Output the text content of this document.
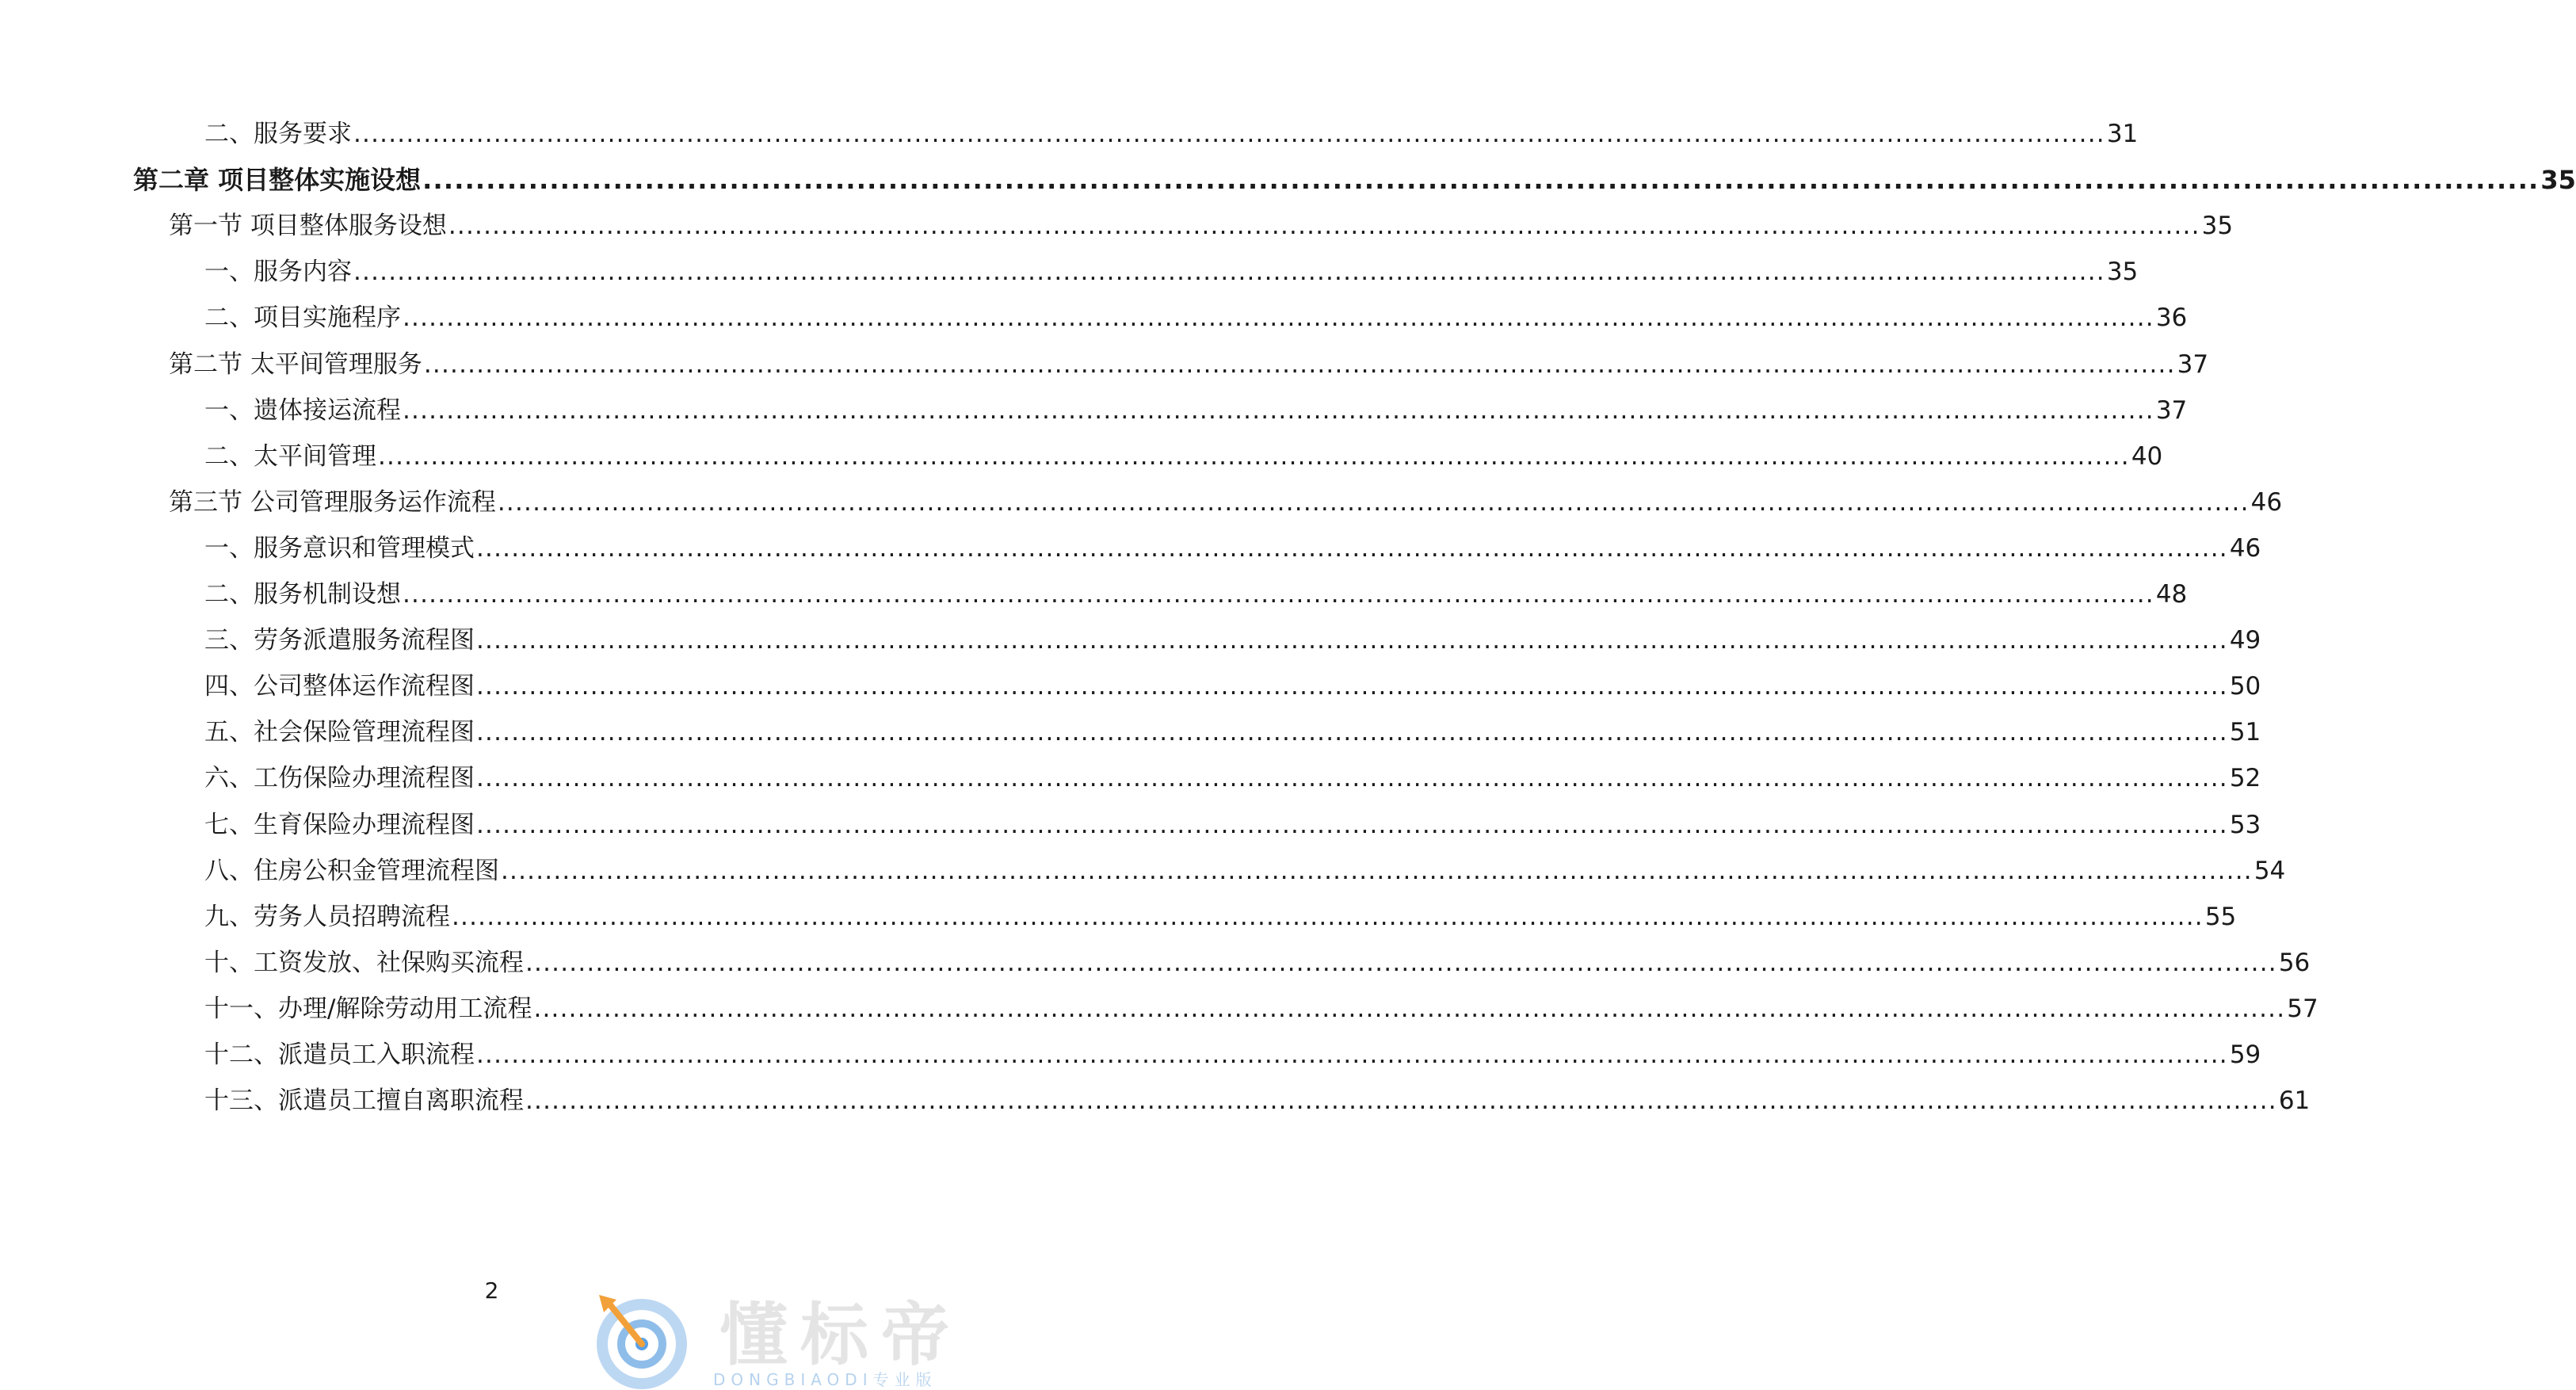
二、服务要求 ........................................................................................................................................................................................................ 31
第二章 项目整体实施设想 ........................................................................................................................................................................................................ 35
第一节 项目整体服务设想 ........................................................................................................................................................................................................ 35
一、服务内容 ........................................................................................................................................................................................................ 35
二、项目实施程序 ........................................................................................................................................................................................................ 36
第二节 太平间管理服务 ........................................................................................................................................................................................................ 37
一、遗体接运流程 ........................................................................................................................................................................................................ 37
二、太平间管理 ........................................................................................................................................................................................................ 40
第三节 公司管理服务运作流程 ........................................................................................................................................................................................................ 46
一、服务意识和管理模式 ........................................................................................................................................................................................................ 46
二、服务机制设想 ........................................................................................................................................................................................................ 48
三、劳务派遣服务流程图 ........................................................................................................................................................................................................ 49
四、公司整体运作流程图 ........................................................................................................................................................................................................ 50
五、社会保险管理流程图 ........................................................................................................................................................................................................ 51
六、工伤保险办理流程图 ........................................................................................................................................................................................................ 52
七、生育保险办理流程图 ........................................................................................................................................................................................................ 53
八、住房公积金管理流程图 ........................................................................................................................................................................................................ 54
九、劳务人员招聘流程 ........................................................................................................................................................................................................ 55
十、工资发放、社保购买流程 ........................................................................................................................................................................................................ 56
十一、办理/解除劳动用工流程 ........................................................................................................................................................................................................ 57
十二、派遣员工入职流程 ........................................................................................................................................................................................................ 59
十三、派遣员工擅自离职流程 ........................................................................................................................................................................................................ 61
2
懂标帝
DONGBIAODI专业版
